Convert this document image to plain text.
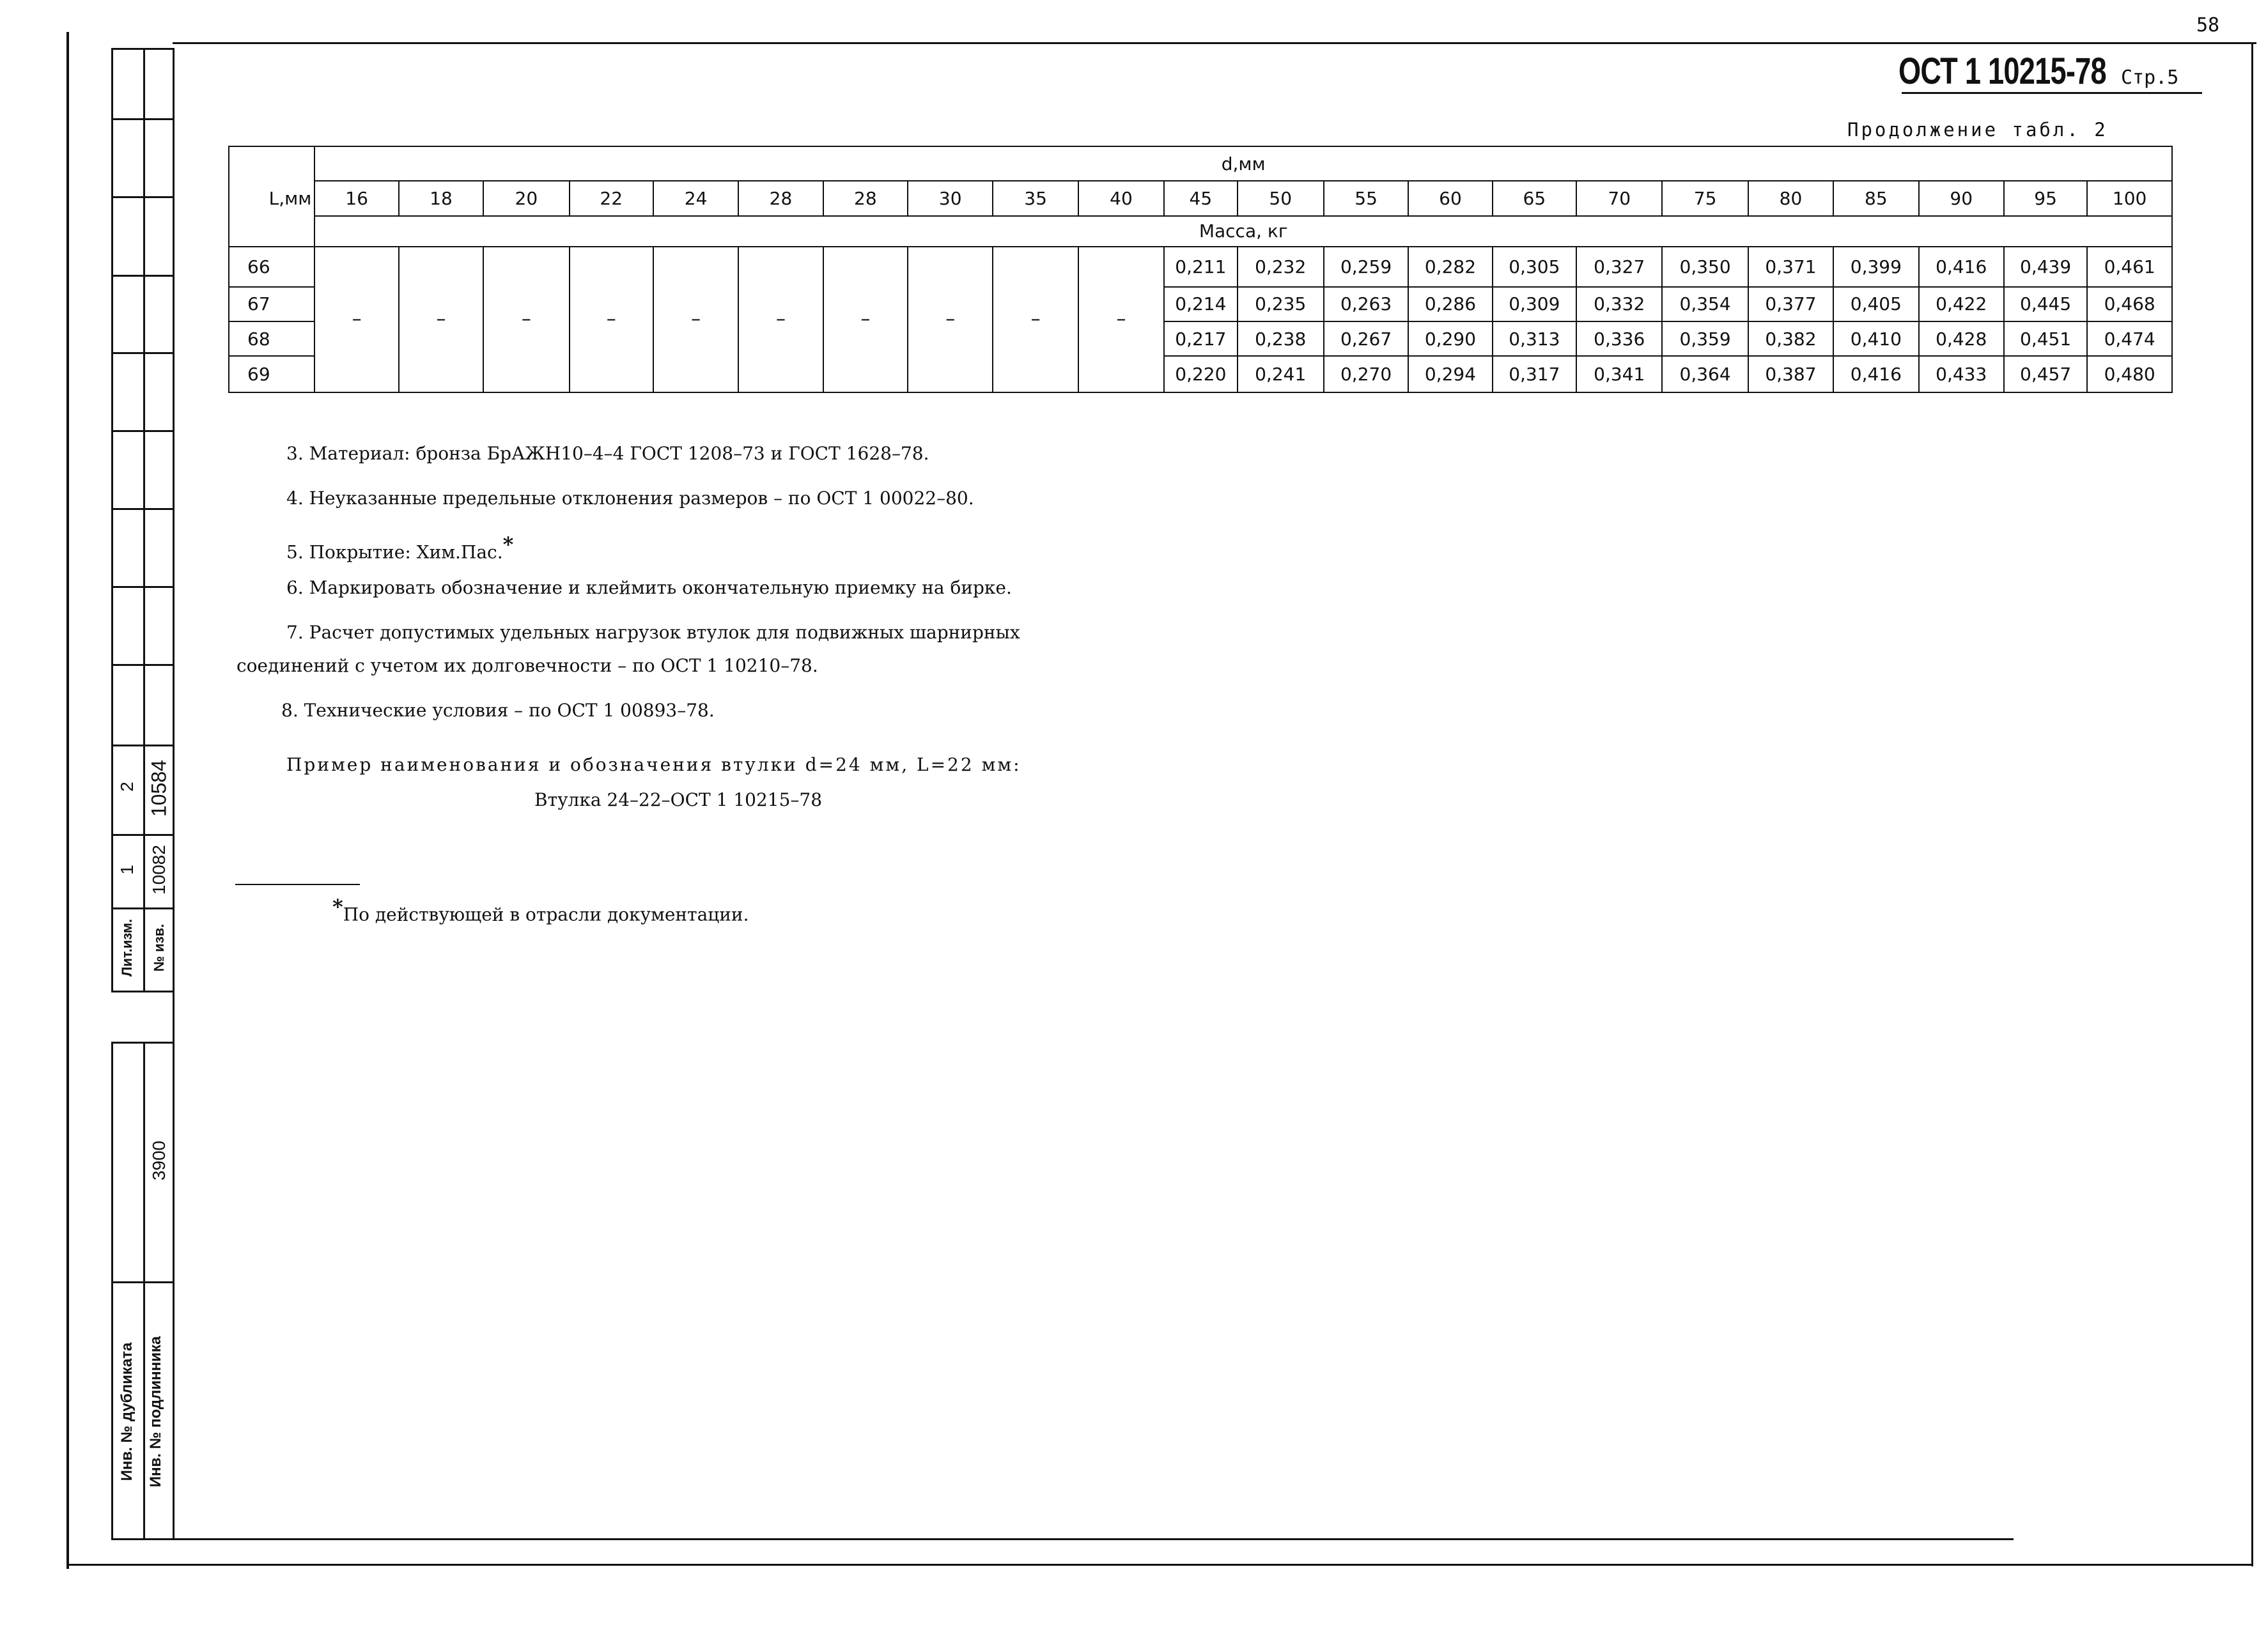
2 10584
1 10082
Лит.изм. № изв.
3900
Инв. № дубликата Инв. № подлинника
58
ОСТ 1 10215-78 Стр.5
Продолжение табл. 2
	d,мм																					
L,мм	16	18	20	22	24	28	28	30	35	40	45	50	55	60	65	70	75	80	85	90	95	100
	Масса, кг																					
66	–	–	–	–	–	–	–	–	–	–	0,211	0,232	0,259	0,282	0,305	0,327	0,350	0,371	0,399	0,416	0,439	0,461
67											0,214	0,235	0,263	0,286	0,309	0,332	0,354	0,377	0,405	0,422	0,445	0,468
68											0,217	0,238	0,267	0,290	0,313	0,336	0,359	0,382	0,410	0,428	0,451	0,474
69											0,220	0,241	0,270	0,294	0,317	0,341	0,364	0,387	0,416	0,433	0,457	0,480
3. Материал: бронза БрАЖН10–4–4 ГОСТ 1208–73 и ГОСТ 1628–78.
4. Неуказанные предельные отклонения размеров – по ОСТ 1 00022–80.
5. Покрытие: Хим.Пас.*
6. Маркировать обозначение и клеймить окончательную приемку на бирке.
7. Расчет допустимых удельных нагрузок втулок для подвижных шарнирных
соединений с учетом их долговечности – по ОСТ 1 10210–78.
8. Технические условия – по ОСТ 1 00893–78.
Пример наименования и обозначения втулки d=24 мм, L=22 мм:
Втулка 24–22–ОСТ 1 10215–78
*По действующей в отрасли документации.
